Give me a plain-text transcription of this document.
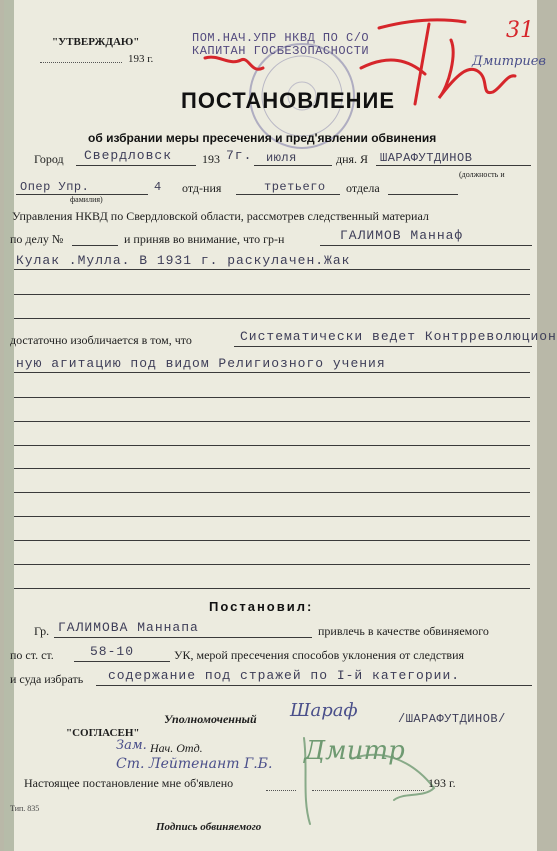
"УТВЕРЖДАЮ"
193 г.
ПОМ.НАЧ.УПР НКВД ПО С/О
КАПИТАН ГОСБЕЗОПАСНОСТИ
31
Дмитриев
ПОСТАНОВЛЕНИЕ
об избрании меры пресечения и пред'явлении обвинения
Город Свердловск 193 7г. июля	дня. Я ШАРАФУТДИНОВ
(должность и
Опер Упр.
фамилия)
4 отд-ния	третьего отдела
Управления НКВД по Свердловской области, рассмотрев следственный материал
по делу №	и приняв во внимание, что гр-н	ГАЛИМОВ Маннаф
Кулак .Мулла. В 1931 г. раскулачен.Жак
достаточно изобличается в том, что	Систематически ведет Контрреволюцион
ную агитацию под видом Религиозного учения
Постановил:
Гр. ГАЛИМОВА Маннапа	привлечь в качестве обвиняемого
по ст. ст.	58-10	УК, мерой пресечения способов уклонения от следствия
и суда избрать содержание под стражей по I-й категории.
Уполномоченный Шараф	/ШАРАФУТДИНОВ/
"СОГЛАСЕН"
Зам. Нач. Отд.
Ст. Лейтенант Г.Б. Дмитр
Настоящее постановление мне об'явлено	193 г.
Тип. 835
Подпись обвиняемого
